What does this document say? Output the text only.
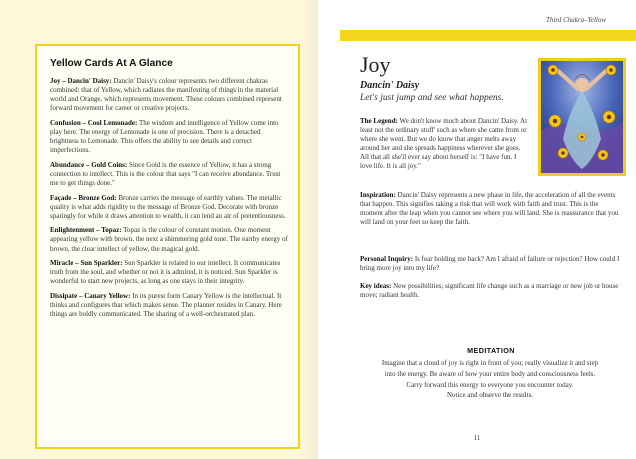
Yellow Cards At A Glance

Joy – Dancin' Daisy: Dancin' Daisy's colour represents two different chakras combined: that of Yellow, which radiates the manifesting of things in the material world and Orange, which represents movement. These colours combined represent forward movement for career or creative projects.

Confusion – Cool Lemonade: The wisdom and intelligence of Yellow come into play here. The energy of Lemonade is one of precision. There is a detached brightness to Lemonade. This offers the ability to see details and correct imperfections.

Abundance – Gold Coins: Since Gold is the essence of Yellow, it has a strong connection to intellect. This is the colour that says "I can receive abundance. Trust me to get things done."

Façade – Bronze God: Bronze carries the message of earthly values. The metallic quality is what adds rigidity to the message of Bronze God. Decorate with bronze sparingly for while it draws attention to wealth, it can lend an air of pretentiousness.

Enlightenment – Topaz: Topaz is the colour of constant motion. One moment appearing yellow with brown, the next a shimmering gold tone. The earthy energy of brown, the clear intellect of yellow, the magical gold.

Miracle – Sun Sparkler: Sun Sparkler is related to our intellect. It communicates truth from the soul, and whether or not it is admired, it is noticed. Sun Sparkler is wonderful to start new projects, as long as one stays in their integrity.

Dissipate – Canary Yellow: In its purest form Canary Yellow is the intellectual. It thinks and configures that which makes sense. The planner resides in Canary. Here things are boldly communicated. The sharing of a well-orchestrated plan.

Third Chakra–Yellow
Joy
Dancin' Daisy
Let's just jump and see what happens.

The Legend: We don't know much about Dancin' Daisy. At least not the ordinary stuff' such as where she came from or where she went. But we do know that anger melts away around her and she spreads happiness wherever she goes. All that all she'll ever say about herself is: "I have fun. I love life. It is all joy."

Inspiration: Dancin' Daisy represents a new phase in life, the acceleration of all the events that happen. This signifies taking a risk that will work with faith and trust. This is the moment after the leap when you cannot see where you will land. She is reassurance that you will land on your feet so keep the faith.

Personal Inquiry: Is fear holding me back? Am I afraid of failure or rejection? How could I bring more joy into my life?

Key ideas: New possibilities; significant life change such as a marriage or new job or house move; radiant health.

MEDITATION
Imagine that a cloud of joy is right in front of you; really visualize it and step
into the energy. Be aware of how your entire body and consciousness feels.
Carry forward this energy to everyone you encounter today.
Notice and observe the results.
11
